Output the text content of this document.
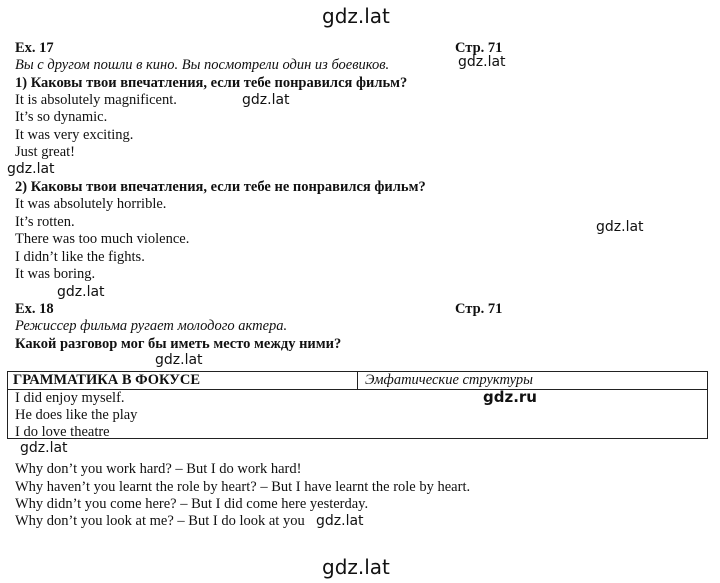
gdz.lat
gdz.lat
gdz.lat
gdz.lat
gdz.lat
gdz.lat
gdz.lat
gdz.lat
gdz.lat
gdz.lat
Ex. 17	Стр. 71
Вы с другом пошли в кино. Вы посмотрели один из боевиков.
1) Каковы твои впечатления, если тебе понравился фильм?
It is absolutely magnificent.
It’s so dynamic.
It was very exciting.
Just great!
2) Каковы твои впечатления, если тебе не понравился фильм?
It was absolutely horrible.
It’s rotten.
There was too much violence.
I didn’t like the fights.
It was boring.
Ex. 18	Стр. 71
Режиссер фильма ругает молодого актера.
Какой разговор мог бы иметь место между ними?
ГРАММАТИКА В ФОКУСЕ	Эмфатические структуры
I did enjoy myself.
He does like the play
I do love theatre
gdz.ru
Why don’t you work hard? – But I do work hard!
Why haven’t you learnt the role by heart? – But I have learnt the role by heart.
Why didn’t you come here? – But I did come here yesterday.
Why don’t you look at me? – But I do look at you
